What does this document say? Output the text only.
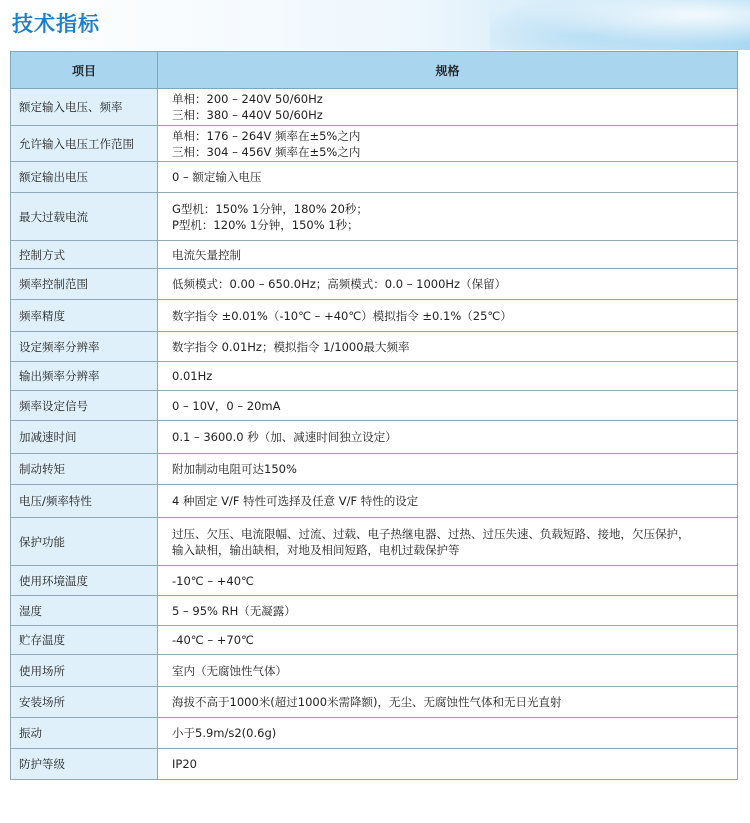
技术指标
项目	规格
额定输入电压、频率	单相：200 – 240V 50/60Hz
三相：380 – 440V 50/60Hz

允许输入电压工作范围	单相：176 – 264V 频率在±5%之内
三相：304 – 456V 频率在±5%之内

额定输出电压	0 – 额定输入电压

最大过载电流	G型机：150% 1分钟，180% 20秒；
P型机：120% 1分钟，150% 1秒；

控制方式	电流矢量控制

频率控制范围	低频模式：0.00 – 650.0Hz；高频模式：0.0 – 1000Hz（保留）

频率精度	数字指令 ±0.01%（-10℃ – +40℃）模拟指令 ±0.1%（25℃）

设定频率分辨率	数字指令 0.01Hz；模拟指令 1/1000最大频率

输出频率分辨率	0.01Hz

频率设定信号	0 – 10V，0 – 20mA

加减速时间	0.1 – 3600.0 秒（加、减速时间独立设定）

制动转矩	附加制动电阻可达150%

电压/频率特性	4 种固定 V/F 特性可选择及任意 V/F 特性的设定

保护功能	过压、欠压、电流限幅、过流、过载、电子热继电器、过热、过压失速、负载短路、接地，欠压保护，
输入缺相，输出缺相，对地及相间短路，电机过载保护等

使用环境温度	-10℃ – +40℃

湿度	5 – 95% RH（无凝露）

贮存温度	-40℃ – +70℃

使用场所	室内（无腐蚀性气体）

安装场所	海拔不高于1000米(超过1000米需降额)，无尘、无腐蚀性气体和无日光直射

振动	小于5.9m/s2(0.6g)

防护等级	IP20
